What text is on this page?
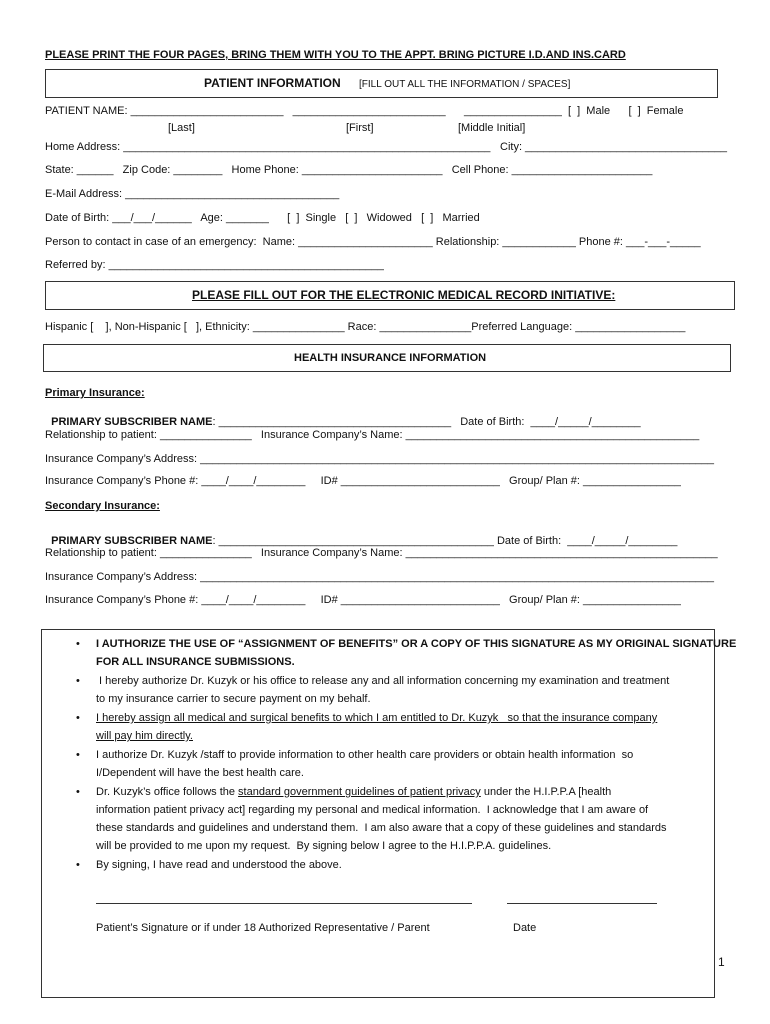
PLEASE PRINT THE FOUR PAGES, BRING THEM WITH YOU TO THE APPT. BRING PICTURE I.D.AND INS.CARD
PATIENT INFORMATION [FILL OUT ALL THE INFORMATION / SPACES]
PATIENT NAME: _________________________   _________________________      ________________  [  ]  Male      [  ]  Female
[Last]	[First]	[Middle Initial]
Home Address: ____________________________________________________________ City: _________________________________
State: ______   Zip Code: ________   Home Phone: _______________________   Cell Phone: _______________________
E-Mail Address: ___________________________________
Date of Birth: ___/___/______   Age: _______      [  ]  Single   [  ]   Widowed   [  ]   Married
Person to contact in case of an emergency:  Name: ______________________ Relationship: ____________ Phone #: ___-___-_____
Referred by: _____________________________________________
PLEASE FILL OUT FOR THE ELECTRONIC MEDICAL RECORD INITIATIVE:
Hispanic [    ], Non-Hispanic [   ], Ethnicity: _______________ Race: _______________Preferred Language: __________________
HEALTH INSURANCE INFORMATION
Primary Insurance:

PRIMARY SUBSCRIBER NAME: ______________________________________   Date of Birth:  ____/_____/________

Relationship to patient: _______________   Insurance Company’s Name: ________________________________________________
Insurance Company’s Address: ____________________________________________________________________________________
Insurance Company’s Phone #: ____/____/________     ID# __________________________   Group/ Plan #: ________________
Secondary Insurance:

PRIMARY SUBSCRIBER NAME: _____________________________________________ Date of Birth:  ____/_____/________

Relationship to patient: _______________   Insurance Company’s Name: ___________________________________________________
Insurance Company’s Address: ____________________________________________________________________________________
Insurance Company’s Phone #: ____/____/________     ID# __________________________   Group/ Plan #: ________________
• I AUTHORIZE THE USE OF “ASSIGNMENT OF BENEFITS” OR A COPY OF THIS SIGNATURE AS MY ORIGINAL SIGNATURE
FOR ALL INSURANCE SUBMISSIONS.
• I hereby authorize Dr. Kuzyk or his office to release any and all information concerning my examination and treatment
to my insurance carrier to secure payment on my behalf.
• I hereby assign all medical and surgical benefits to which I am entitled to Dr. Kuzyk   so that the insurance company
will pay him directly.
• I authorize Dr. Kuzyk /staff to provide information to other health care providers or obtain health information  so
I/Dependent will have the best health care.
• Dr. Kuzyk’s office follows the standard government guidelines of patient privacy under the H.I.P.P.A [health
information patient privacy act] regarding my personal and medical information.  I acknowledge that I am aware of
these standards and guidelines and understand them.  I am also aware that a copy of these guidelines and standards
will be provided to me upon my request.  By signing below I agree to the H.I.P.P.A. guidelines.
• By signing, I have read and understood the above.
Patient’s Signature or if under 18 Authorized Representative / Parent	Date
1
